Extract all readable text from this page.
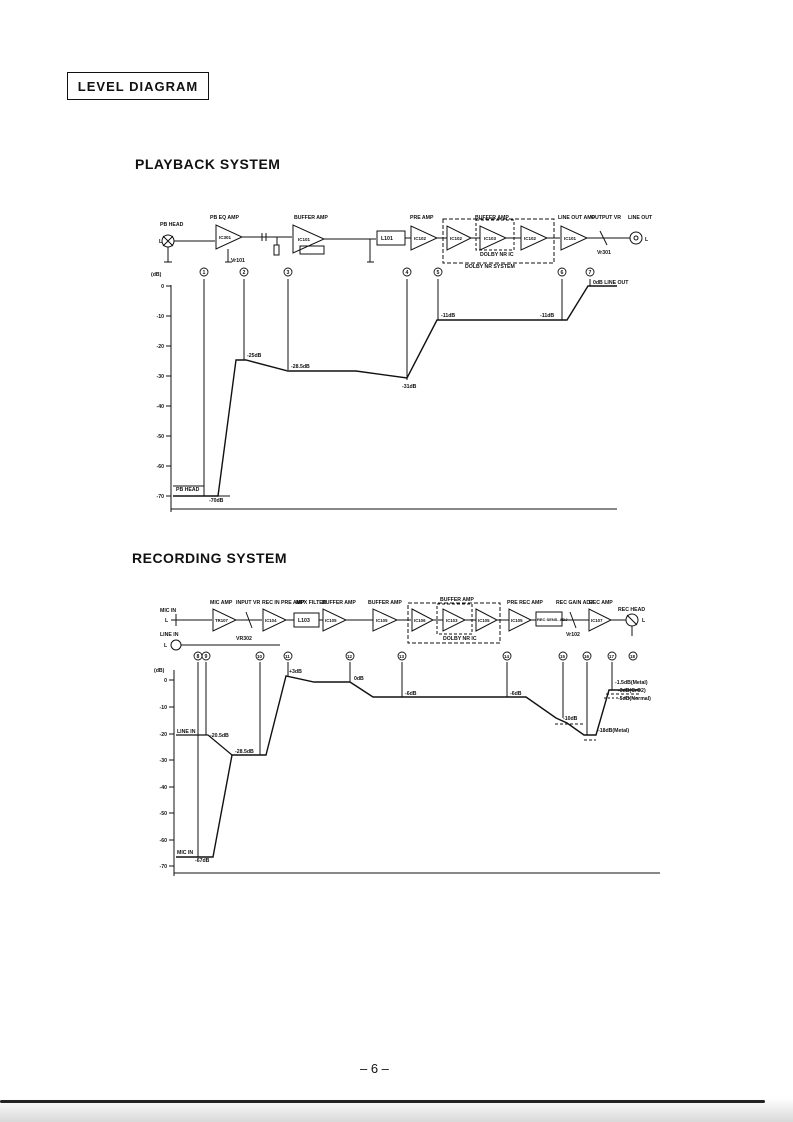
LEVEL DIAGRAM
PLAYBACK SYSTEM
RECORDING SYSTEM
PB HEAD
PB EQ AMP	BUFFER AMP	PRE AMP	BUFFER AMP	LINE OUT AMP
OUTPUT VR LINE OUT
DOLBY NR IC
DOLBY NR SYSTEM
Vr101
Vr301
L101
L	L
IC301	IC101	IC102	IC102	IC103	IC102	IC101
1	2	3	4	5	6	7
(dB)
0
-10
-20
-30
-40
-50
-60
-70
PB HEAD
-70dB
-25dB
-28.5dB
-31dB
-11dB	-11dB
0dB LINE OUT
MIC IN
LINE IN
MIC AMP INPUT VR REC IN PRE AMP
MPX FILTER
BUFFER AMP BUFFER AMP	BUFFER AMP	PRE REC AMP	REC GAIN ADJ
REC AMP
REC HEAD
REC SENS. ADJ
DOLBY NR IC
VR302
Vr102
L103
L
L
L
TR107	IC104	IC105	IC105	IC106	IC103	IC105	IC105	IC107
8 9	10	11	12	13	14	15	16	17	18
(dB)
0
-10
-20
-30
-40
-50
-60
-70
LINE IN
MIC IN
-20.5dB
-28.5dB
-67dB
+3dB
0dB
-6dB	-6dB
-10dB
-18dB(Metal)
-1.5dB(Metal)
-3dB(CrO2)
-5dB(Normal)
– 6 –
